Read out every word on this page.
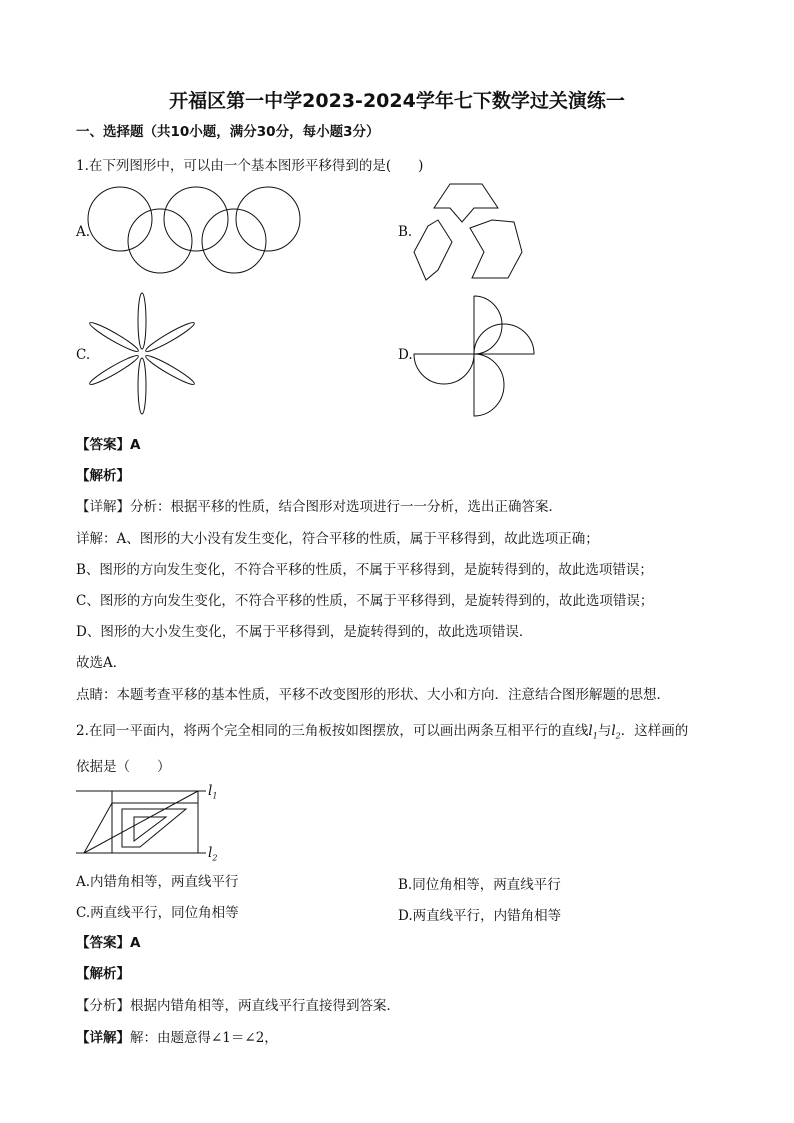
开福区第一中学2023-2024学年七下数学过关演练一
一、选择题（共10小题，满分30分，每小题3分）
1.在下列图形中，可以由一个基本图形平移得到的是(　　)
A.	B.
C.	D.
【答案】A
【解析】
【详解】分析：根据平移的性质，结合图形对选项进行一一分析，选出正确答案．
详解：A、图形的大小没有发生变化，符合平移的性质，属于平移得到，故此选项正确；
B、图形的方向发生变化，不符合平移的性质，不属于平移得到，是旋转得到的，故此选项错误；
C、图形的方向发生变化，不符合平移的性质，不属于平移得到，是旋转得到的，故此选项错误；
D、图形的大小发生变化，不属于平移得到，是旋转得到的，故此选项错误．
故选A．
点睛：本题考查平移的基本性质，平移不改变图形的形状、大小和方向．注意结合图形解题的思想．
2.在同一平面内，将两个完全相同的三角板按如图摆放，可以画出两条互相平行的直线$l_1$与$l_2$．这样画的
依据是（　　）
$l_1$
$l_2$
A.内错角相等，两直线平行	B.同位角相等，两直线平行
C.两直线平行，同位角相等	D.两直线平行，内错角相等
【答案】A
【解析】
【分析】根据内错角相等，两直线平行直接得到答案．
【详解】解：由题意得∠1＝∠2，
